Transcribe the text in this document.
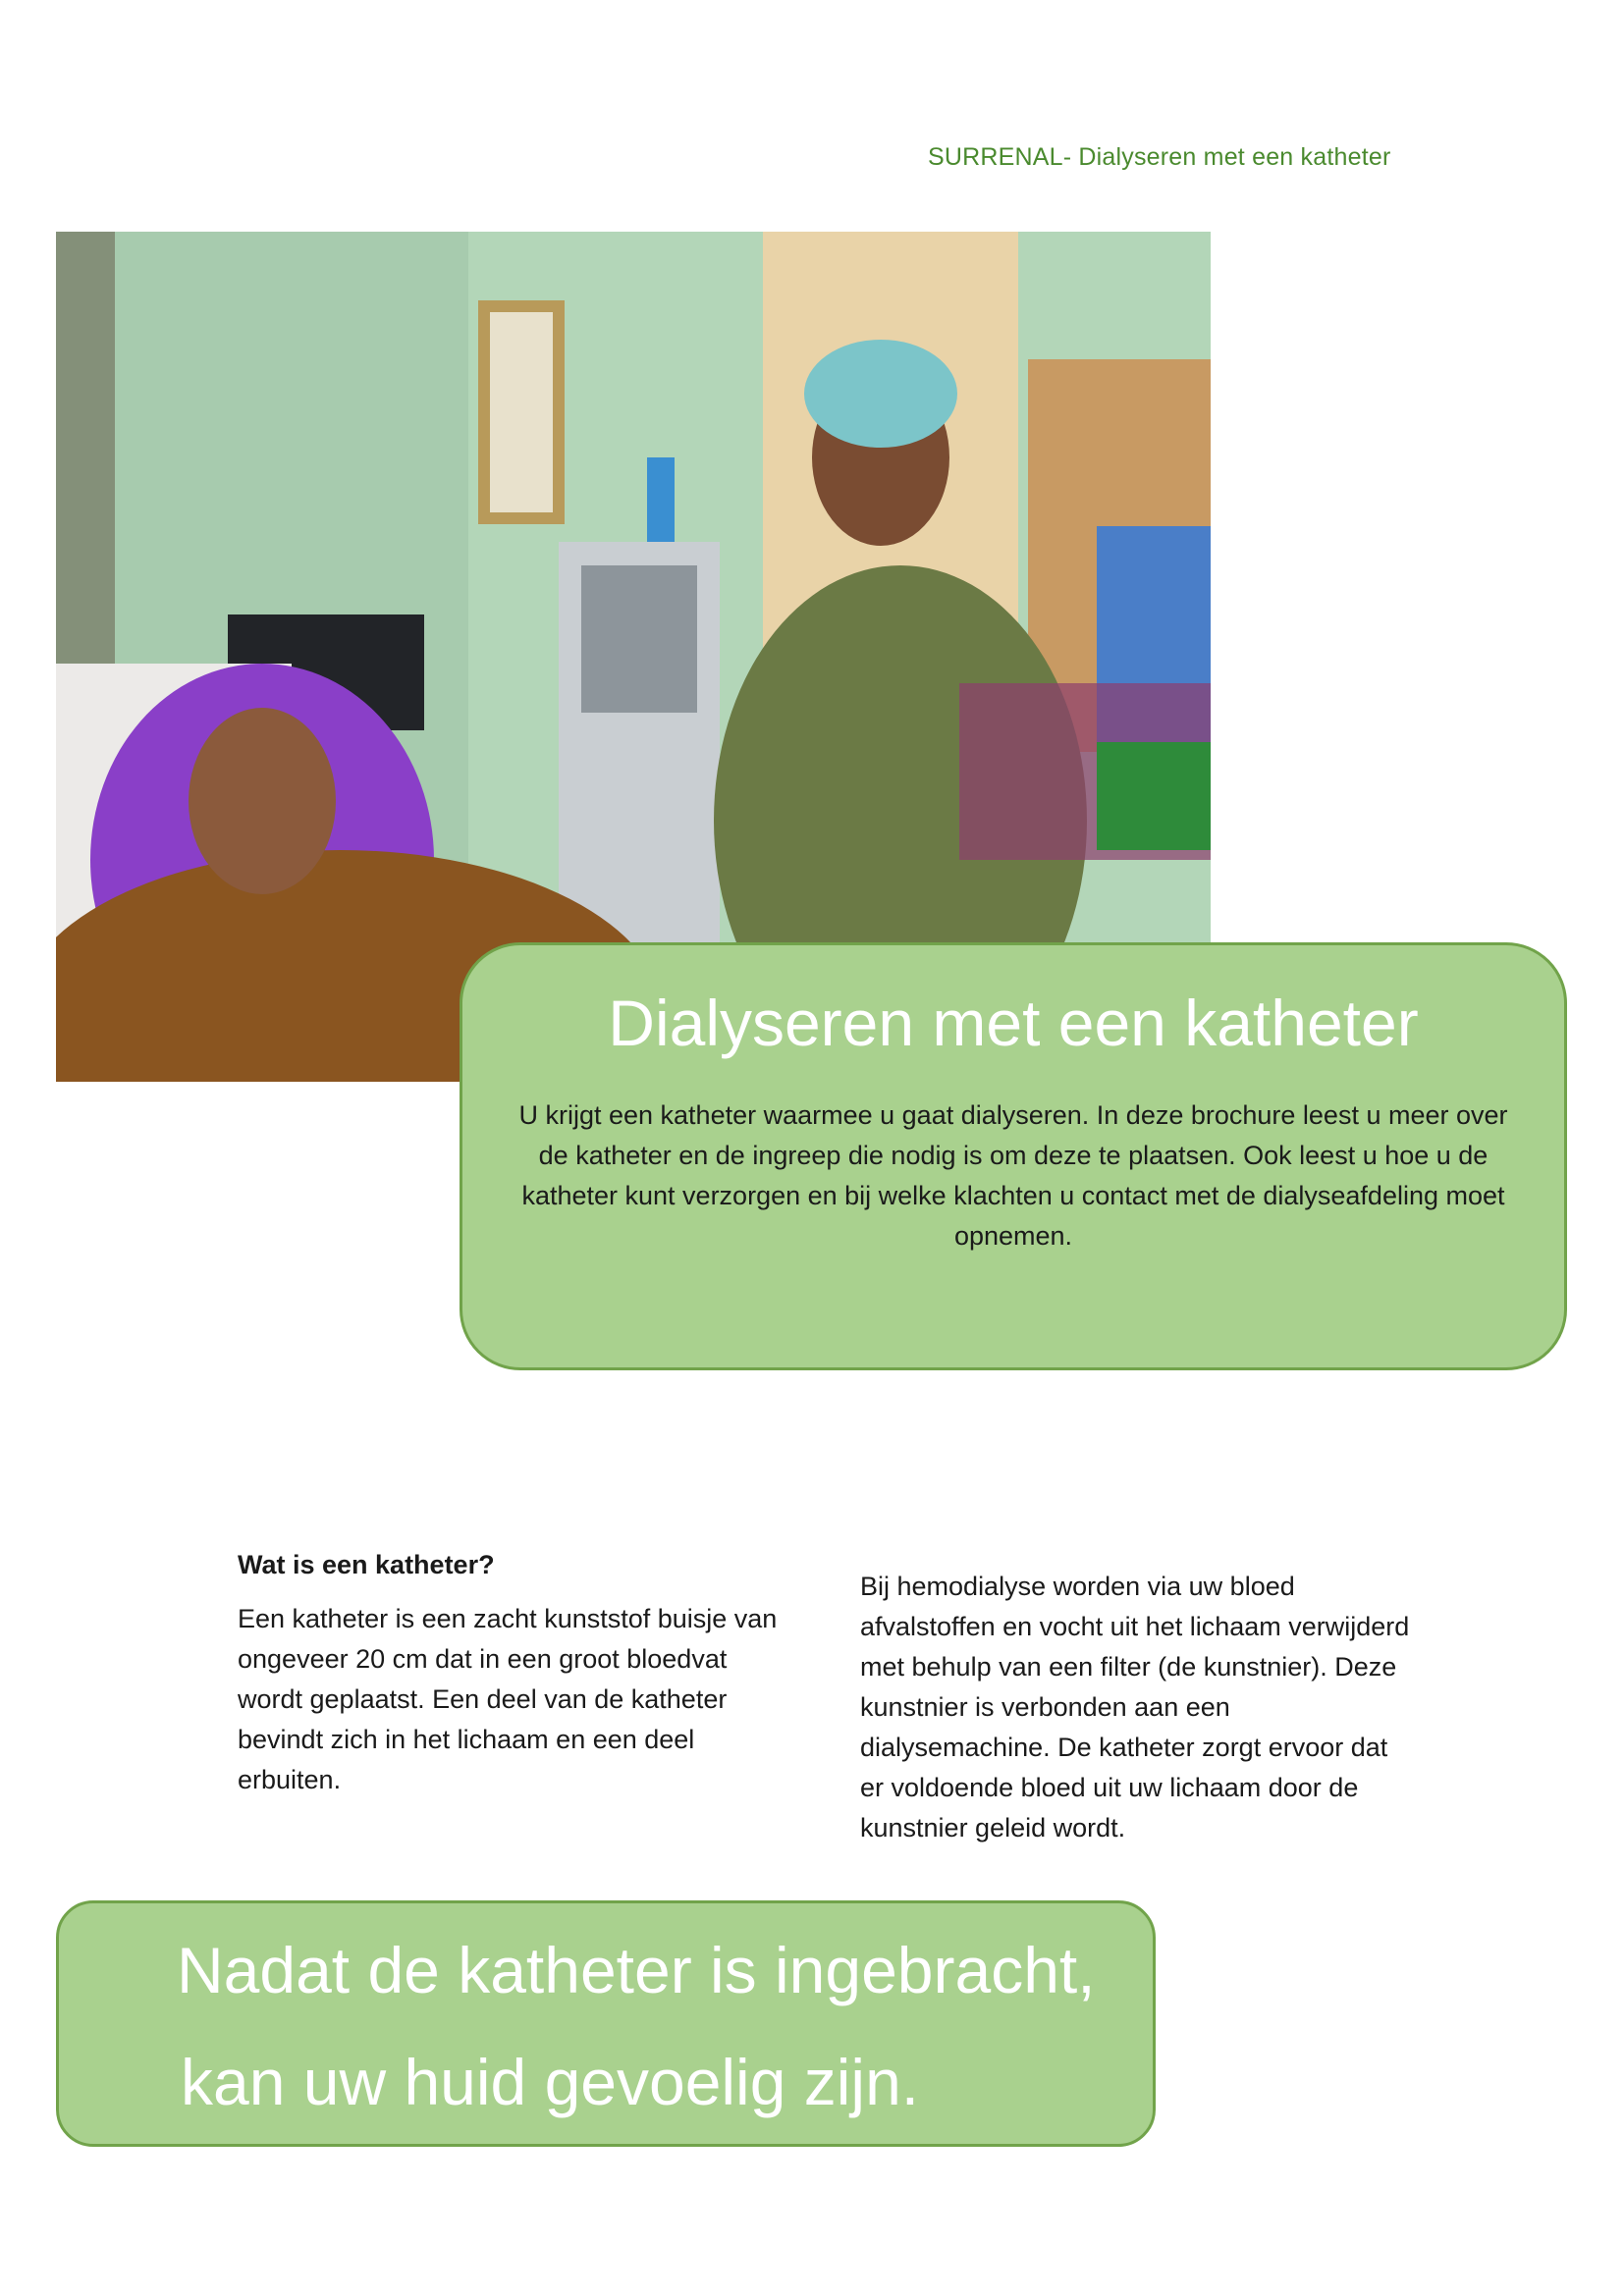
SURRENAL- Dialyseren met een katheter
Dialyseren met een katheter

U krijgt een katheter waarmee u gaat dialyseren. In deze brochure leest u meer over de katheter en de ingreep die nodig is om deze te plaatsen. Ook leest u hoe u de katheter kunt verzorgen en bij welke klachten u contact met de dialyseafdeling moet opnemen.

Wat is een katheter?

Een katheter is een zacht kunststof buisje van ongeveer 20 cm dat in een groot bloedvat wordt geplaatst. Een deel van de katheter bevindt zich in het lichaam en een deel erbuiten.

Bij hemodialyse worden via uw bloed afvalstoffen en vocht uit het lichaam verwijderd met behulp van een filter (de kunstnier). Deze kunstnier is verbonden aan een dialysemachine. De katheter zorgt ervoor dat er voldoende bloed uit uw lichaam door de kunstnier geleid wordt.

Nadat de katheter is ingebracht,
kan uw huid gevoelig zijn.
